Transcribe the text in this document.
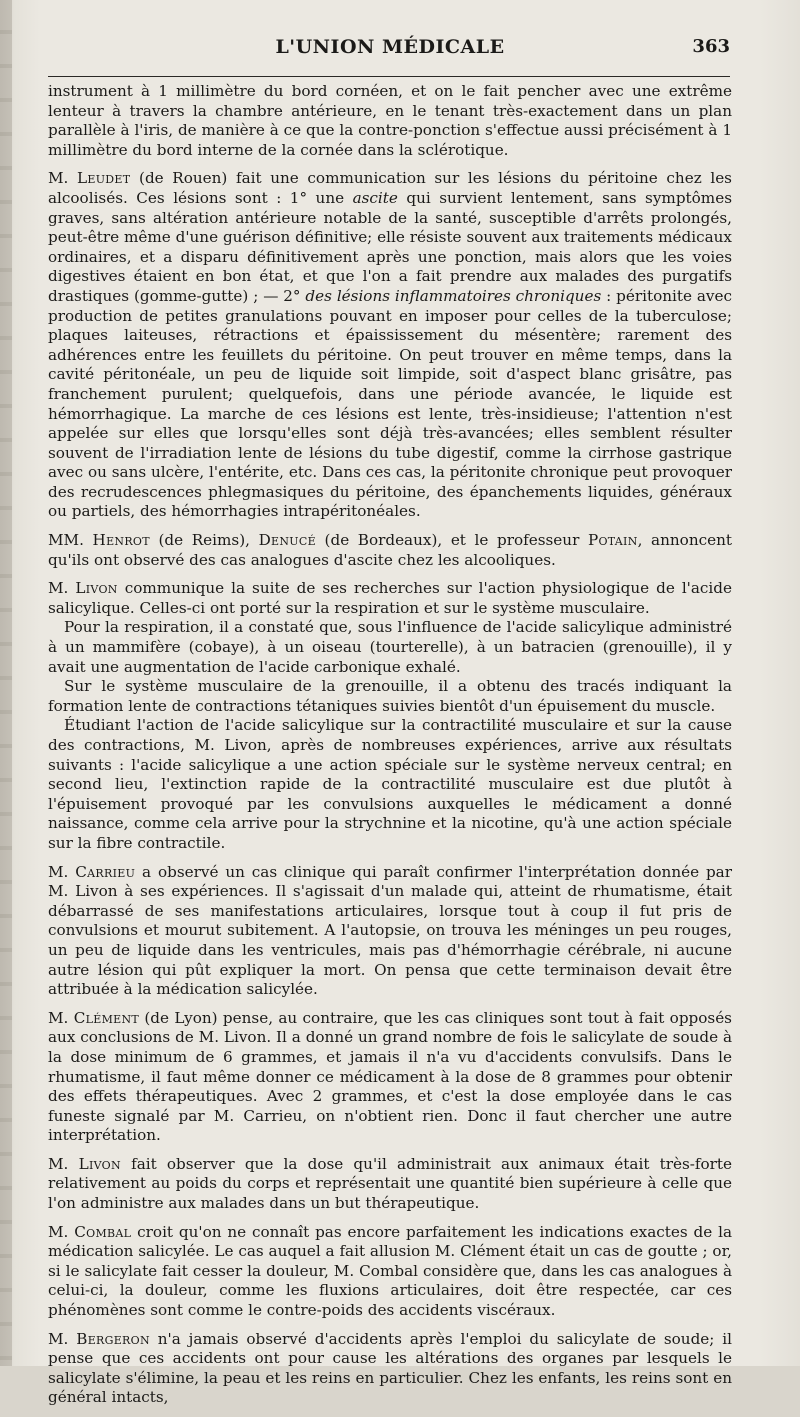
L'UNION MÉDICALE	363

instrument à 1 millimètre du bord cornéen, et on le fait pencher avec une extrême lenteur à travers la chambre antérieure, en le tenant très-exactement dans un plan parallèle à l'iris, de manière à ce que la contre-ponction s'effectue aussi précisément à 1 millimètre du bord interne de la cornée dans la sclérotique.

M. Leudet (de Rouen) fait une communication sur les lésions du péritoine chez les alcoolisés. Ces lésions sont : 1° une ascite qui survient lentement, sans symptômes graves, sans altération antérieure notable de la santé, susceptible d'arrêts prolongés, peut-être même d'une guérison définitive; elle résiste souvent aux traitements médicaux ordinaires, et a disparu définitivement après une ponction, mais alors que les voies digestives étaient en bon état, et que l'on a fait prendre aux malades des purgatifs drastiques (gomme-gutte) ; — 2° des lésions inflammatoires chroniques : péritonite avec production de petites granulations pouvant en imposer pour celles de la tuberculose; plaques laiteuses, rétractions et épaississement du mésentère; rarement des adhérences entre les feuillets du péritoine. On peut trouver en même temps, dans la cavité péritonéale, un peu de liquide soit limpide, soit d'aspect blanc grisâtre, pas franchement purulent; quelquefois, dans une période avancée, le liquide est hémorrhagique. La marche de ces lésions est lente, très-insidieuse; l'attention n'est appelée sur elles que lorsqu'elles sont déjà très-avancées; elles semblent résulter souvent de l'irradiation lente de lésions du tube digestif, comme la cirrhose gastrique avec ou sans ulcère, l'entérite, etc. Dans ces cas, la péritonite chronique peut provoquer des recrudescences phlegmasiques du péritoine, des épanchements liquides, généraux ou partiels, des hémorrhagies intrapéritonéales.

MM. Henrot (de Reims), Denucé (de Bordeaux), et le professeur Potain, annoncent qu'ils ont observé des cas analogues d'ascite chez les alcooliques.

M. Livon communique la suite de ses recherches sur l'action physiologique de l'acide salicylique. Celles-ci ont porté sur la respiration et sur le système musculaire.

Pour la respiration, il a constaté que, sous l'influence de l'acide salicylique administré à un mammifère (cobaye), à un oiseau (tourterelle), à un batracien (grenouille), il y avait une augmentation de l'acide carbonique exhalé.

Sur le système musculaire de la grenouille, il a obtenu des tracés indiquant la formation lente de contractions tétaniques suivies bientôt d'un épuisement du muscle.

Étudiant l'action de l'acide salicylique sur la contractilité musculaire et sur la cause des contractions, M. Livon, après de nombreuses expériences, arrive aux résultats suivants : l'acide salicylique a une action spéciale sur le système nerveux central; en second lieu, l'extinction rapide de la contractilité musculaire est due plutôt à l'épuisement provoqué par les convulsions auxquelles le médicament a donné naissance, comme cela arrive pour la strychnine et la nicotine, qu'à une action spéciale sur la fibre contractile.

M. Carrieu a observé un cas clinique qui paraît confirmer l'interprétation donnée par M. Livon à ses expériences. Il s'agissait d'un malade qui, atteint de rhumatisme, était débarrassé de ses manifestations articulaires, lorsque tout à coup il fut pris de convulsions et mourut subitement. A l'autopsie, on trouva les méninges un peu rouges, un peu de liquide dans les ventricules, mais pas d'hémorrhagie cérébrale, ni aucune autre lésion qui pût expliquer la mort. On pensa que cette terminaison devait être attribuée à la médication salicylée.

M. Clément (de Lyon) pense, au contraire, que les cas cliniques sont tout à fait opposés aux conclusions de M. Livon. Il a donné un grand nombre de fois le salicylate de soude à la dose minimum de 6 grammes, et jamais il n'a vu d'accidents convulsifs. Dans le rhumatisme, il faut même donner ce médicament à la dose de 8 grammes pour obtenir des effets thérapeutiques. Avec 2 grammes, et c'est la dose employée dans le cas funeste signalé par M. Carrieu, on n'obtient rien. Donc il faut chercher une autre interprétation.

M. Livon fait observer que la dose qu'il administrait aux animaux était très-forte relativement au poids du corps et représentait une quantité bien supérieure à celle que l'on administre aux malades dans un but thérapeutique.

M. Combal croit qu'on ne connaît pas encore parfaitement les indications exactes de la médication salicylée. Le cas auquel a fait allusion M. Clément était un cas de goutte ; or, si le salicylate fait cesser la douleur, M. Combal considère que, dans les cas analogues à celui-ci, la douleur, comme les fluxions articulaires, doit être respectée, car ces phénomènes sont comme le contre-poids des accidents viscéraux.

M. Bergeron n'a jamais observé d'accidents après l'emploi du salicylate de soude; il pense que ces accidents ont pour cause les altérations des organes par lesquels le salicylate s'élimine, la peau et les reins en particulier. Chez les enfants, les reins sont en général intacts,
